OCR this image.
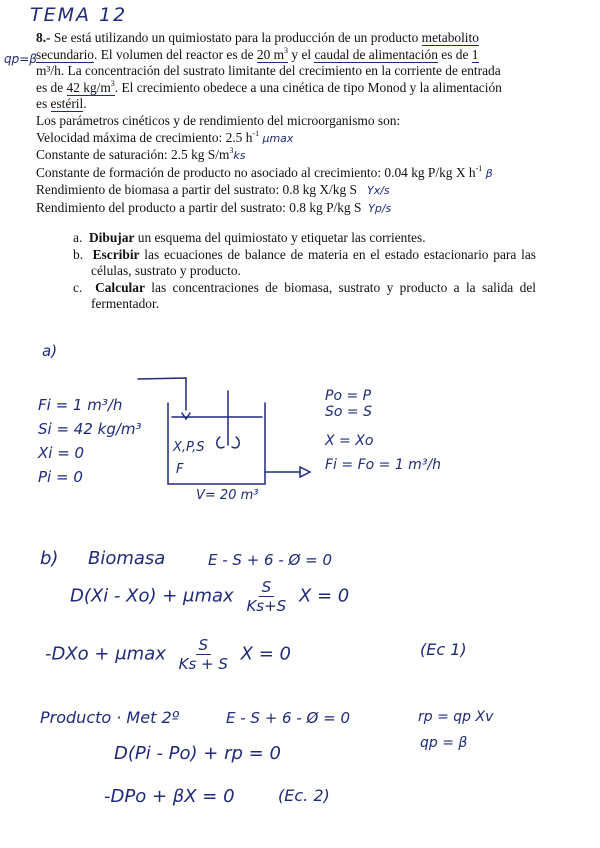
TEMA 12
qp=β
8.- Se está utilizando un quimiostato para la producción de un producto metabolito
secundario. El volumen del reactor es de 20 $m^3$ y el caudal de alimentación es de 1
m³/h. La concentración del sustrato limitante del crecimiento en la corriente de entrada
es de 42 $kg/m^3$. El crecimiento obedece a una cinética de tipo Monod y la alimentación
es estéril.
Los parámetros cinéticos y de rendimiento del microorganismo son:
Velocidad máxima de crecimiento: 2.5 $h^{-1}$ μmax
Constante de saturación: 2.5 kg $S/m^3ks$
Constante de formación de producto no asociado al crecimiento: 0.04 kg P/kg X $h^{-1}$ β
Rendimiento de biomasa a partir del sustrato: 0.8 kg X/kg S Yx/s
Rendimiento del producto a partir del sustrato: 0.8 kg P/kg S Yp/s

a. Dibujar un esquema del quimiostato y etiquetar las corrientes.

b. Escribir las ecuaciones de balance de materia en el estado estacionario para las células, sustrato y producto.

c. Calcular las concentraciones de biomasa, sustrato y producto a la salida del fermentador.

a)
Fi = 1 m³/h
Si = 42 kg/m³
Xi = 0
Pi = 0
X,P,S
F
V= 20 m³
Po = P
So = S
X = Xo
Fi = Fo = 1 m³/h
b) Biomasa	E - S + 6 - Ø = 0
D(Xi - Xo) + μmax $\frac{S}{Ks+S}$ X = 0
-DXo + μmax $\frac{S}{Ks + S}$ X = 0	(Ec 1)
Producto · Met 2º	E - S + 6 - Ø = 0	rp = qp Xv
qp = β
D(Pi - Po) + rp = 0
-DPo + βX = 0	(Ec. 2)
